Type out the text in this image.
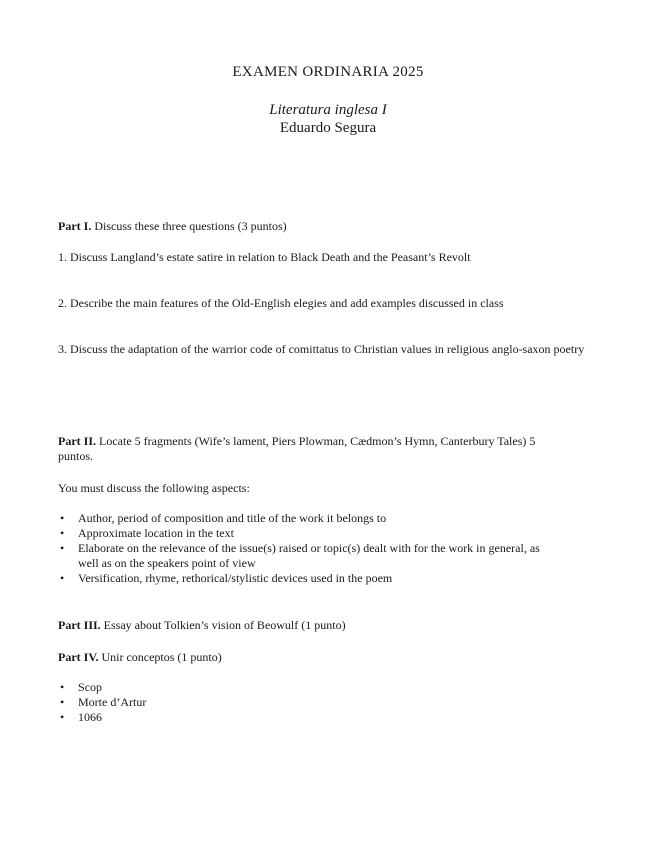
EXAMEN ORDINARIA 2025
Literatura inglesa I
Eduardo Segura
Part I. Discuss these three questions (3 puntos)
1. Discuss Langland’s estate satire in relation to Black Death and the Peasant’s Revolt
2. Describe the main features of the Old-English elegies and add examples discussed in class
3. Discuss the adaptation of the warrior code of comittatus to Christian values in religious anglo-saxon poetry
Part II. Locate 5 fragments (Wife’s lament, Piers Plowman, Cædmon’s Hymn, Canterbury Tales) 5 puntos.
You must discuss the following aspects:
• Author, period of composition and title of the work it belongs to
• Approximate location in the text
• Elaborate on the relevance of the issue(s) raised or topic(s) dealt with for the work in general, as well as on the speakers point of view
• Versification, rhyme, rethorical/stylistic devices used in the poem
Part III. Essay about Tolkien’s vision of Beowulf (1 punto)
Part IV. Unir conceptos (1 punto)
• Scop
• Morte d’Artur
• 1066
